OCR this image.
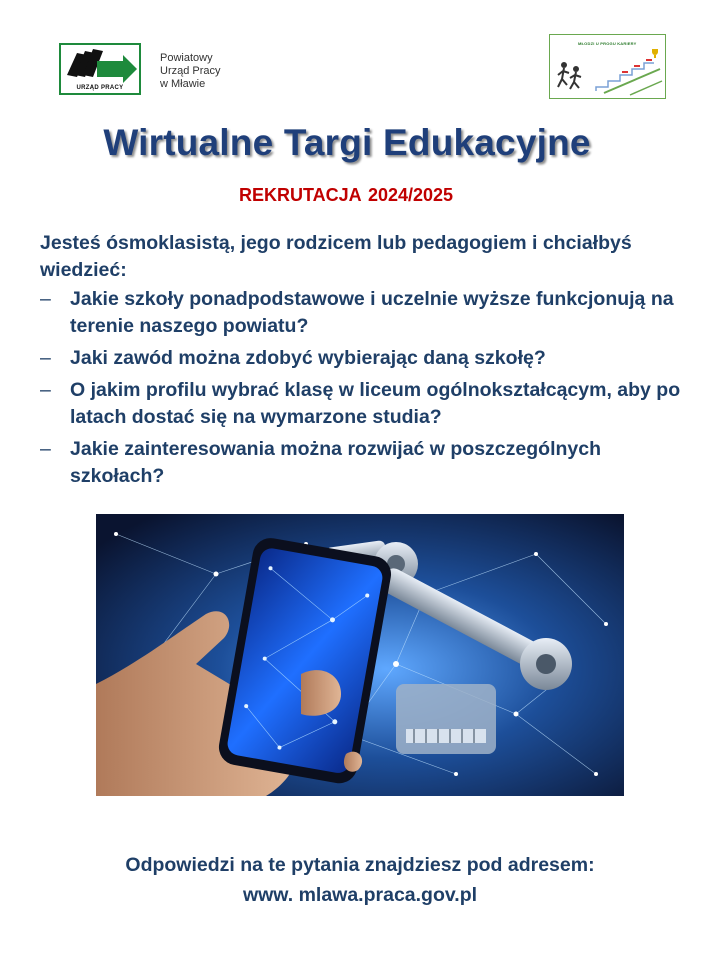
URZĄD PRACY
Powiatowy
Urząd Pracy
w Mławie
MŁODZI U PROGU KARIERY
Wirtualne Targi Edukacyjne
REKRUTACJA 2024/2025
Jesteś ósmoklasistą, jego rodzicem lub pedagogiem i chciałbyś wiedzieć:
– Jakie szkoły ponadpodstawowe i uczelnie wyższe funkcjonują na terenie naszego powiatu?
– Jaki zawód można zdobyć wybierając daną szkołę?
– O jakim profilu wybrać klasę w liceum ogólnokształcącym, aby po latach dostać się na wymarzone studia?
– Jakie zainteresowania można rozwijać w poszczególnych szkołach?
Odpowiedzi na te pytania znajdziesz pod adresem:
www. mlawa.praca.gov.pl
